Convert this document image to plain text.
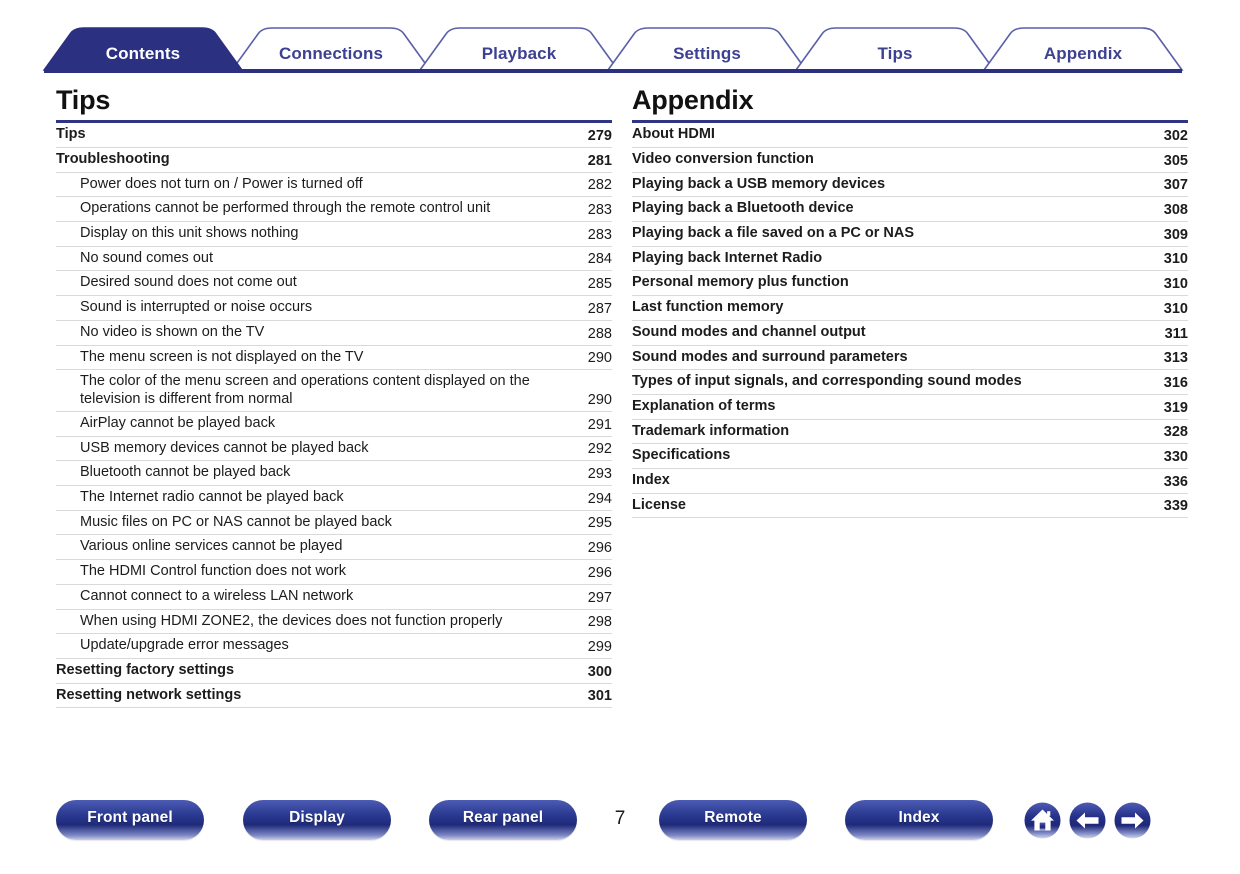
Contents	Connections	Playback	Settings	Tips	Appendix
Tips
Tips	279
Troubleshooting	281
Power does not turn on / Power is turned off	282
Operations cannot be performed through the remote control unit	283
Display on this unit shows nothing	283
No sound comes out	284
Desired sound does not come out	285
Sound is interrupted or noise occurs	287
No video is shown on the TV	288
The menu screen is not displayed on the TV	290
The color of the menu screen and operations content displayed on the television is different from normal	290
AirPlay cannot be played back	291
USB memory devices cannot be played back	292
Bluetooth cannot be played back	293
The Internet radio cannot be played back	294
Music files on PC or NAS cannot be played back	295
Various online services cannot be played	296
The HDMI Control function does not work	296
Cannot connect to a wireless LAN network	297
When using HDMI ZONE2, the devices does not function properly	298
Update/upgrade error messages	299
Resetting factory settings	300
Resetting network settings	301
Appendix
About HDMI	302
Video conversion function	305
Playing back a USB memory devices	307
Playing back a Bluetooth device	308
Playing back a file saved on a PC or NAS	309
Playing back Internet Radio	310
Personal memory plus function	310
Last function memory	310
Sound modes and channel output	311
Sound modes and surround parameters	313
Types of input signals, and corresponding sound modes	316
Explanation of terms	319
Trademark information	328
Specifications	330
Index	336
License	339
Front panel	Display	Rear panel	7	Remote	Index
